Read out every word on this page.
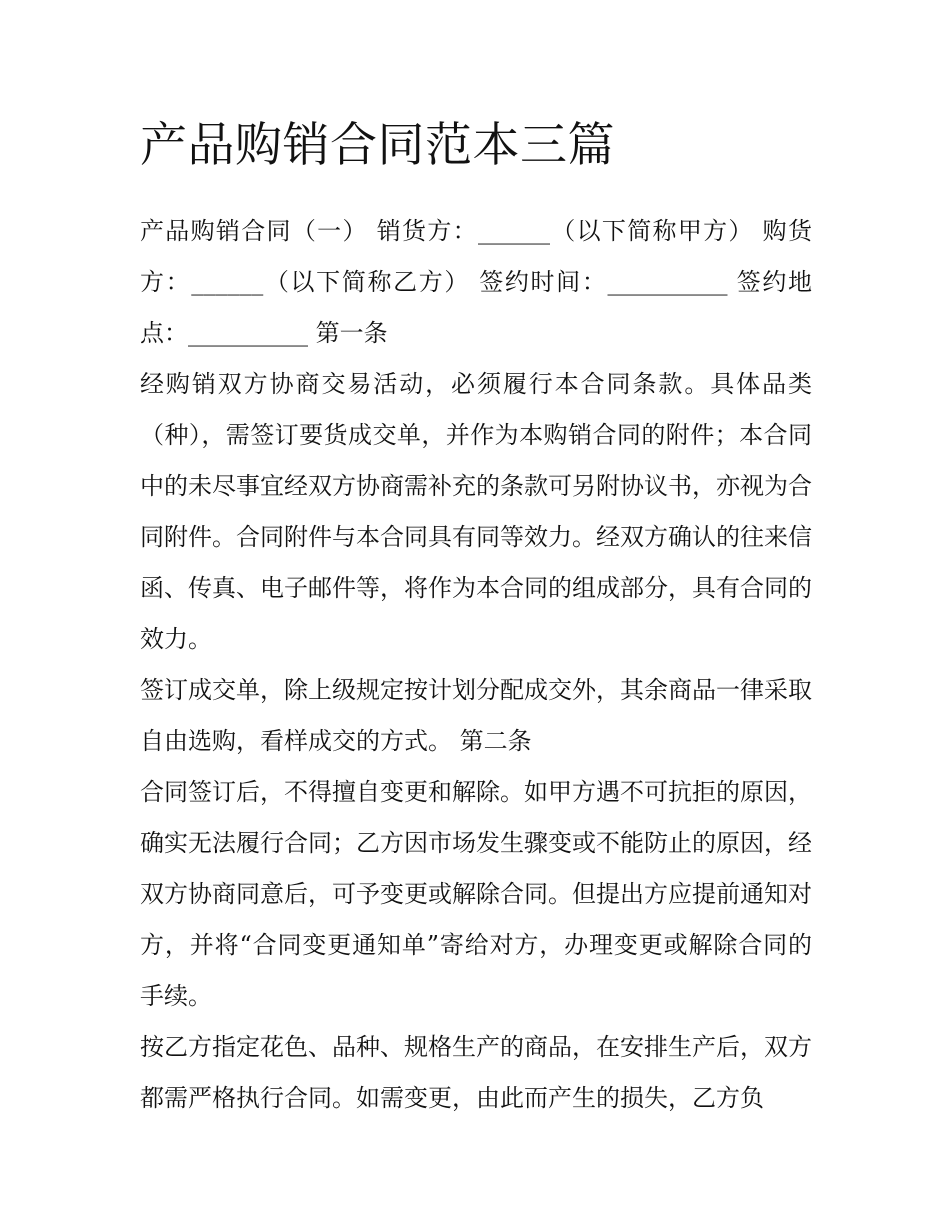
产品购销合同范本三篇

产品购销合同（一） 销货方：______（以下简称甲方） 购货方：______（以下简称乙方） 签约时间：__________ 签约地点：__________ 第一条

经购销双方协商交易活动，必须履行本合同条款。具体品类（种），需签订要货成交单，并作为本购销合同的附件；本合同中的未尽事宜经双方协商需补充的条款可另附协议书，亦视为合同附件。合同附件与本合同具有同等效力。经双方确认的往来信函、传真、电子邮件等，将作为本合同的组成部分，具有合同的效力。

签订成交单，除上级规定按计划分配成交外，其余商品一律采取自由选购，看样成交的方式。 第二条

合同签订后，不得擅自变更和解除。如甲方遇不可抗拒的原因，确实无法履行合同；乙方因市场发生骤变或不能防止的原因，经双方协商同意后，可予变更或解除合同。但提出方应提前通知对方，并将“合同变更通知单”寄给对方，办理变更或解除合同的手续。

按乙方指定花色、品种、规格生产的商品，在安排生产后，双方都需严格执行合同。如需变更，由此而产生的损失，乙方负
